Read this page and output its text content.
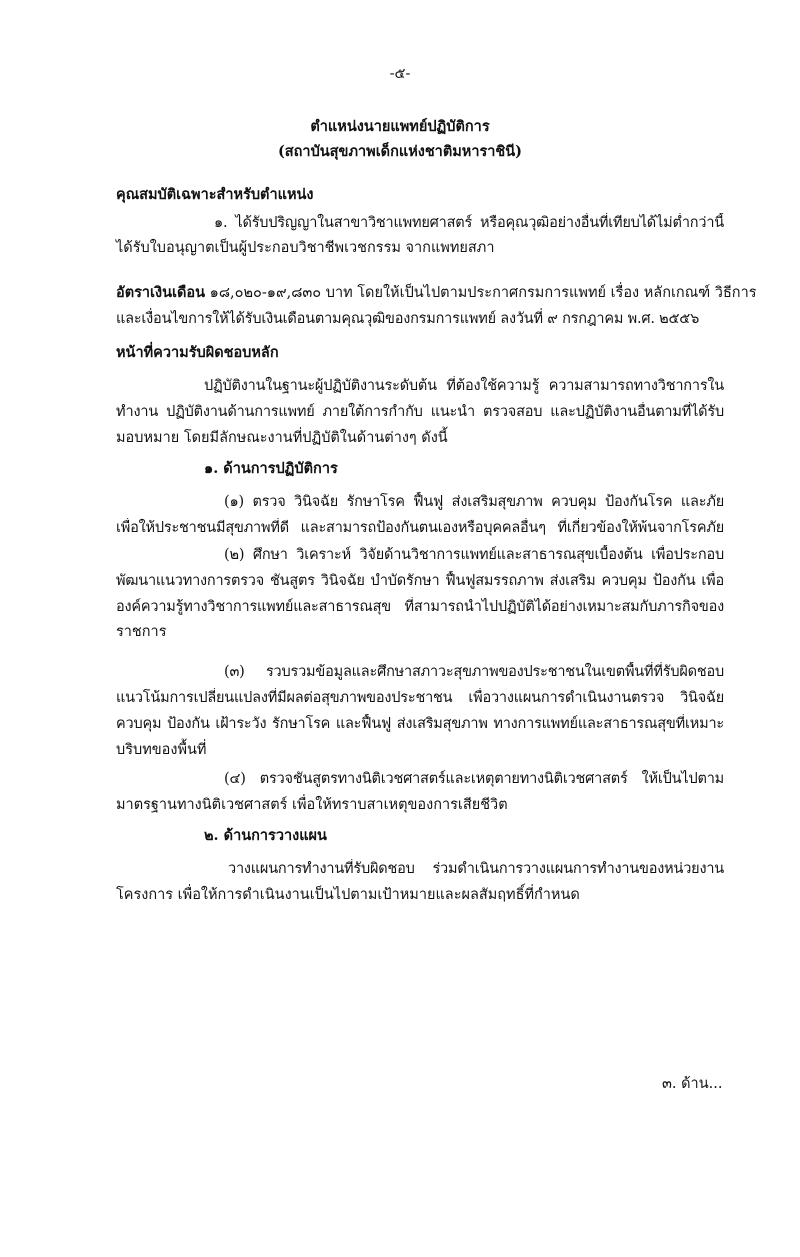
-๕-
ตำแหน่งนายแพทย์ปฏิบัติการ
(สถาบันสุขภาพเด็กแห่งชาติมหาราชินี)
คุณสมบัติเฉพาะสำหรับตำแหน่ง
๑. ได้รับปริญญาในสาขาวิชาแพทยศาสตร์ หรือคุณวุฒิอย่างอื่นที่เทียบได้ไม่ต่ำกว่านี้
ได้รับใบอนุญาตเป็นผู้ประกอบวิชาชีพเวชกรรม จากแพทยสภา
อัตราเงินเดือน ๑๘,๐๒๐-๑๙,๘๓๐ บาท โดยให้เป็นไปตามประกาศกรมการแพทย์ เรื่อง หลักเกณฑ์ วิธีการ
และเงื่อนไขการให้ได้รับเงินเดือนตามคุณวุฒิของกรมการแพทย์ ลงวันที่ ๙ กรกฎาคม พ.ศ. ๒๕๕๖
หน้าที่ความรับผิดชอบหลัก
ปฏิบัติงานในฐานะผู้ปฏิบัติงานระดับต้น ที่ต้องใช้ความรู้ ความสามารถทางวิชาการใน
ทำงาน ปฏิบัติงานด้านการแพทย์ ภายใต้การกำกับ แนะนำ ตรวจสอบ และปฏิบัติงานอื่นตามที่ได้รับ
มอบหมาย โดยมีลักษณะงานที่ปฏิบัติในด้านต่างๆ ดังนี้
๑. ด้านการปฏิบัติการ
(๑) ตรวจ วินิจฉัย รักษาโรค ฟื้นฟู ส่งเสริมสุขภาพ ควบคุม ป้องกันโรค และภัย
เพื่อให้ประชาชนมีสุขภาพที่ดี และสามารถป้องกันตนเองหรือบุคคลอื่นๆ ที่เกี่ยวข้องให้พ้นจากโรคภัย
(๒) ศึกษา วิเคราะห์ วิจัยด้านวิชาการแพทย์และสาธารณสุขเบื้องต้น เพื่อประกอบ
พัฒนาแนวทางการตรวจ ชันสูตร วินิจฉัย บำบัดรักษา ฟื้นฟูสมรรถภาพ ส่งเสริม ควบคุม ป้องกัน เพื่อ
องค์ความรู้ทางวิชาการแพทย์และสาธารณสุข ที่สามารถนำไปปฏิบัติได้อย่างเหมาะสมกับภารกิจของ
ราชการ
(๓) รวบรวมข้อมูลและศึกษาสภาวะสุขภาพของประชาชนในเขตพื้นที่ที่รับผิดชอบ
แนวโน้มการเปลี่ยนแปลงที่มีผลต่อสุขภาพของประชาชน เพื่อวางแผนการดำเนินงานตรวจ วินิจฉัย
ควบคุม ป้องกัน เฝ้าระวัง รักษาโรค และฟื้นฟู ส่งเสริมสุขภาพ ทางการแพทย์และสาธารณสุขที่เหมาะ
บริบทของพื้นที่
(๔) ตรวจชันสูตรทางนิติเวชศาสตร์และเหตุตายทางนิติเวชศาสตร์ ให้เป็นไปตาม
มาตรฐานทางนิติเวชศาสตร์ เพื่อให้ทราบสาเหตุของการเสียชีวิต
๒. ด้านการวางแผน
วางแผนการทำงานที่รับผิดชอบ ร่วมดำเนินการวางแผนการทำงานของหน่วยงาน
โครงการ เพื่อให้การดำเนินงานเป็นไปตามเป้าหมายและผลสัมฤทธิ์ที่กำหนด
๓. ด้าน...
